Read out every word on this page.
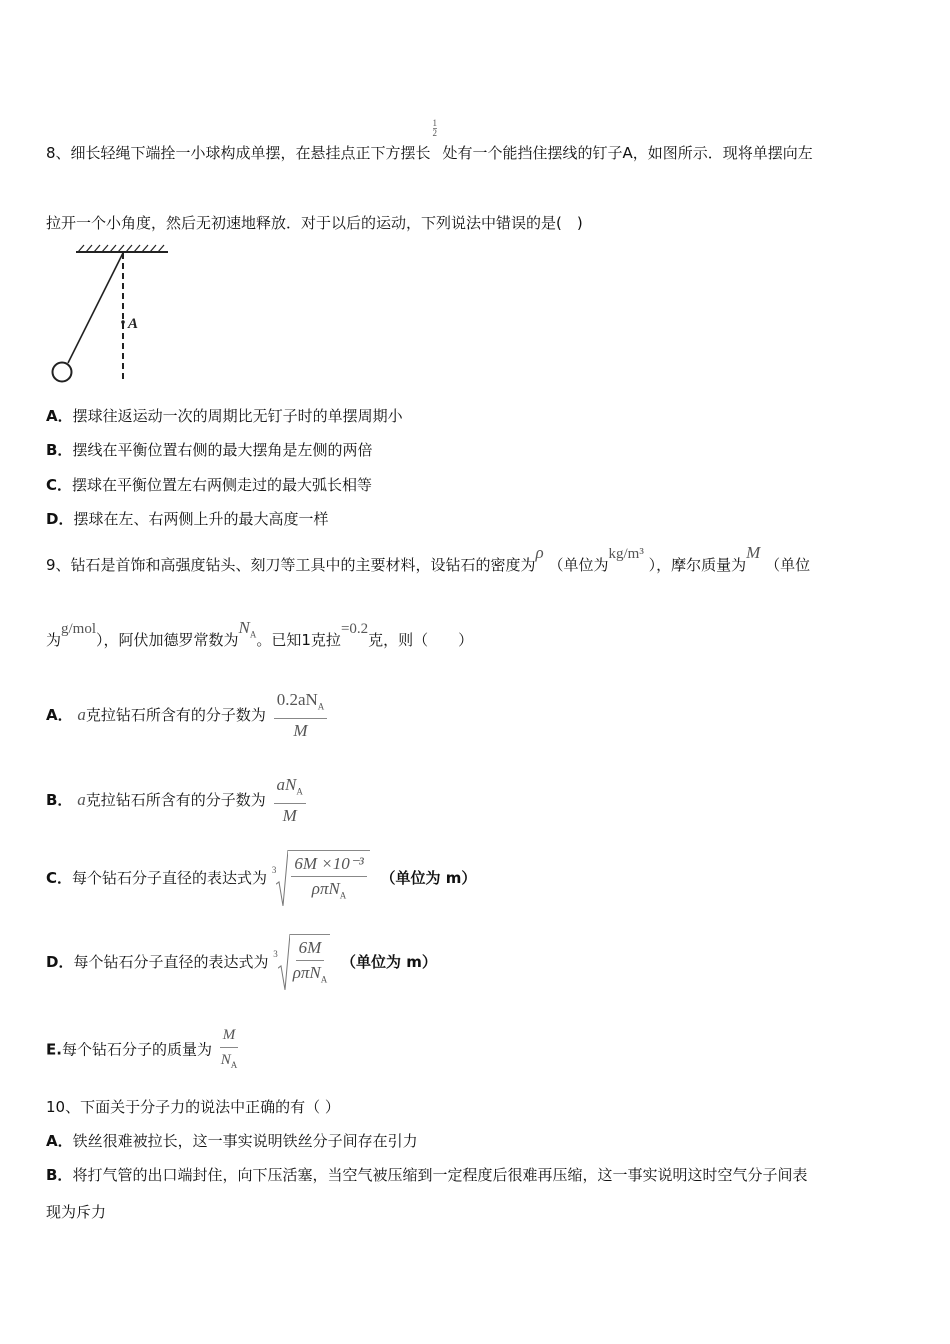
8、细长轻绳下端拴一小球构成单摆，在悬挂点正下方摆长
$\frac{1}{2}$
处有一个能挡住摆线的钉子A，如图所示．现将单摆向左
拉开一个小角度，然后无初速地释放．对于以后的运动，下列说法中错误的是(　)
A
A．摆球往返运动一次的周期比无钉子时的单摆周期小
B．摆线在平衡位置右侧的最大摆角是左侧的两倍
C．摆球在平衡位置左右两侧走过的最大弧长相等
D．摆球在左、右两侧上升的最大高度一样
9、钻石是首饰和高强度钻头、刻刀等工具中的主要材料，设钻石的密度为ρ （单位为kg/m³ ），摩尔质量为M （单位
为g/mol），阿伏加德罗常数为$N_A$。已知1克拉=0.2克，则（　　）
A． a克拉钻石所含有的分子数为 $\frac{0.2aN_A}{M}$
B． a克拉钻石所含有的分子数为 $\frac{aN_A}{M}$
C．每个钻石分子直径的表达式为 $3 \frac{\text{6M ×10⁻³}}{\rho\pi N_A}$ （单位为 m）
D．每个钻石分子直径的表达式为 $3 \frac{6M}{\rho\pi N_A}$ （单位为 m）
E.每个钻石分子的质量为 $\frac{M}{N_A}$
10、下面关于分子力的说法中正确的有（ ）
A．铁丝很难被拉长，这一事实说明铁丝分子间存在引力
B．将打气管的出口端封住，向下压活塞，当空气被压缩到一定程度后很难再压缩，这一事实说明这时空气分子间表
现为斥力
